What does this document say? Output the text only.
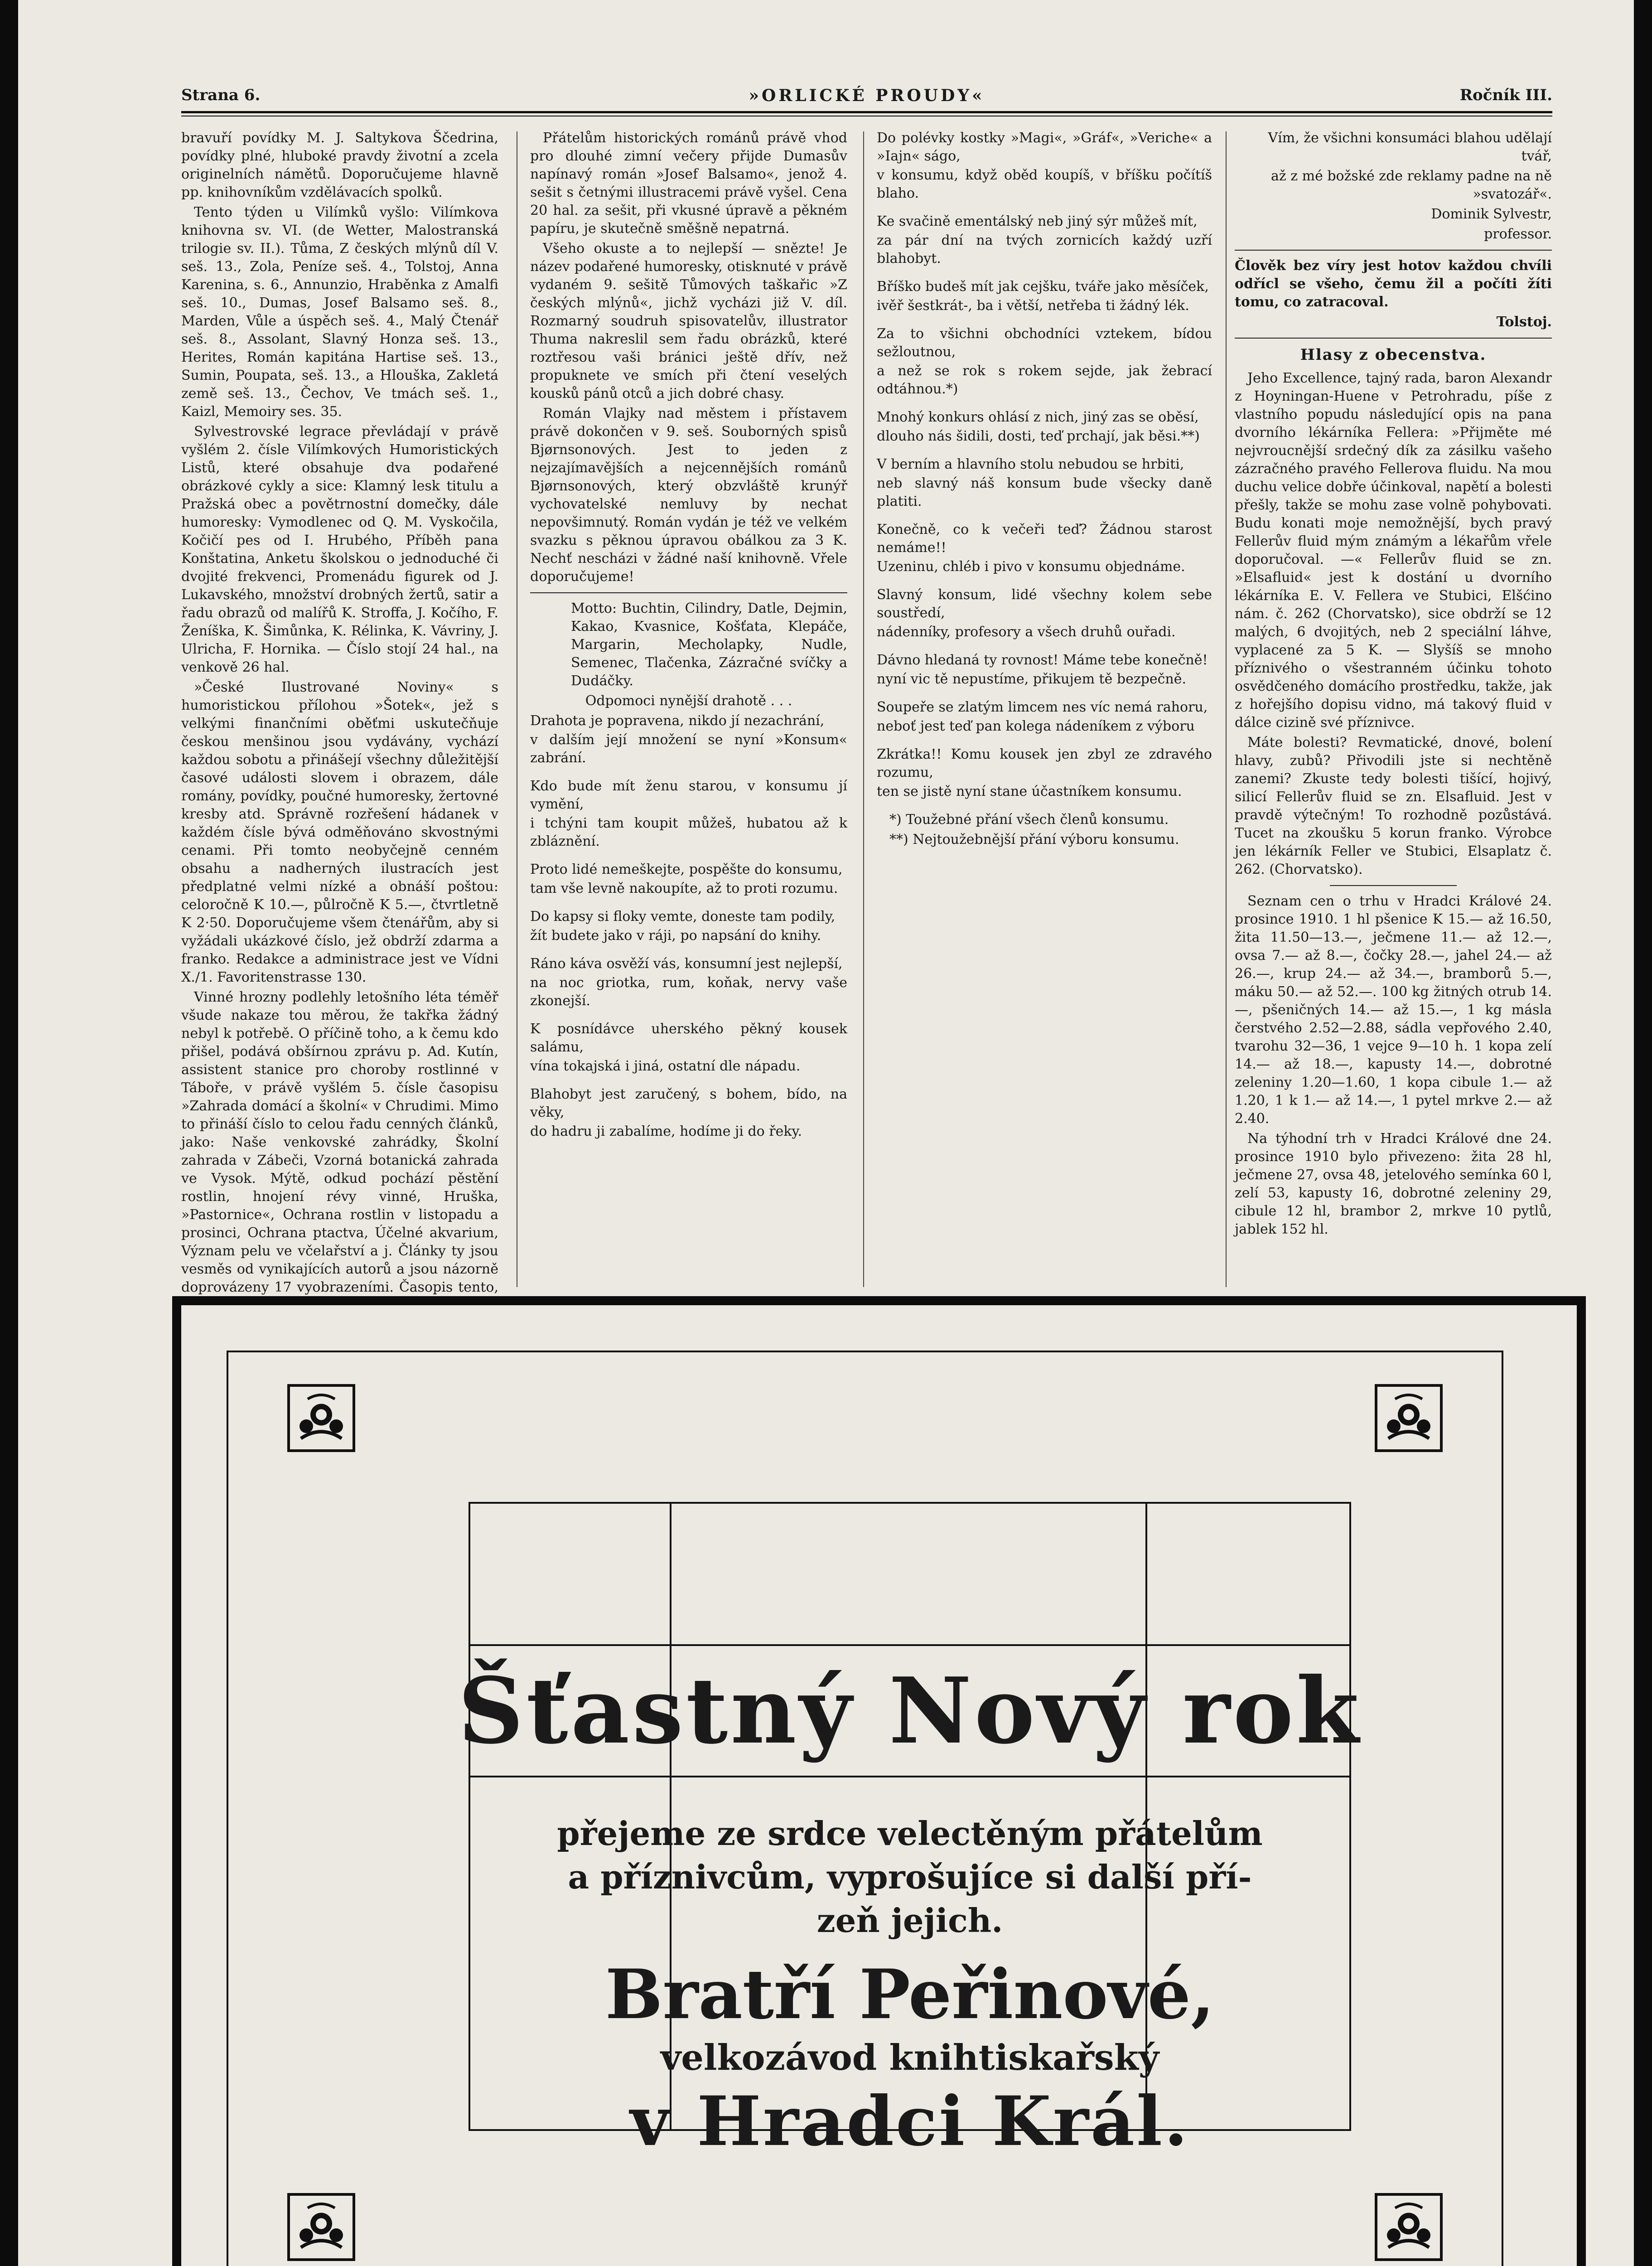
Strana 6.	»ORLICKÉ PROUDY«	Ročník III.

bravuří povídky M. J. Saltykova Ščedrina, povídky plné, hluboké pravdy životní a zcela originelních námětů. Doporučujeme hlavně pp. knihovníkům vzdělávacích spolků.

Tento týden u Vilímků vyšlo: Vilímkova knihovna sv. VI. (de Wetter, Malostranská trilogie sv. II.). Tůma, Z českých mlýnů díl V. seš. 13., Zola, Peníze seš. 4., Tolstoj, Anna Karenina, s. 6., Annunzio, Hraběnka z Amalfi seš. 10., Dumas, Josef Balsamo seš. 8., Marden, Vůle a úspěch seš. 4., Malý Čtenář seš. 8., Assolant, Slavný Honza seš. 13., Herites, Román kapitána Hartise seš. 13., Sumin, Poupata, seš. 13., a Hlouška, Zakletá země seš. 13., Čechov, Ve tmách seš. 1., Kaizl, Memoiry ses. 35.

Sylvestrovské legrace převládají v právě vyšlém 2. čísle Vilímkových Humoristických Listů, které obsahuje dva podařené obrázkové cykly a sice: Klamný lesk titulu a Pražská obec a povětrnostní domečky, dále humoresky: Vymodlenec od Q. M. Vyskočila, Kočičí pes od I. Hrubého, Příběh pana Konštatina, Anketu školskou o jednoduché či dvojité frekvenci, Promenádu figurek od J. Lukavského, množství drobných žertů, satir a řadu obrazů od malířů K. Stroffa, J. Kočího, F. Ženíška, K. Šimůnka, K. Rélinka, K. Vávriny, J. Ulricha, F. Hornika. — Číslo stojí 24 hal., na venkově 26 hal.

»České Ilustrované Noviny« s humoristickou přílohou »Šotek«, jež s velkými finančními oběťmi uskutečňuje českou menšinou jsou vydávány, vychází každou sobotu a přinášejí všechny důležitější časové události slovem i obrazem, dále romány, povídky, poučné humoresky, žertovné kresby atd. Správně rozřešení hádanek v každém čísle bývá odměňováno skvostnými cenami. Při tomto neobyčejně cenném obsahu a nadherných ilustracích jest předplatné velmi nízké a obnáší poštou: celoročně K 10.—, půlročně K 5.—, čtvrtletně K 2·50. Doporučujeme všem čtenářům, aby si vyžádali ukázkové číslo, jež obdrží zdarma a franko. Redakce a administrace jest ve Vídni X./1. Favoritenstrasse 130.

Vinné hrozny podlehly letošního léta téměř všude nakaze tou měrou, že takřka žádný nebyl k potřebě. O příčině toho, a k čemu kdo přišel, podává obšírnou zprávu p. Ad. Kutín, assistent stanice pro choroby rostlinné v Táboře, v právě vyšlém 5. čísle časopisu »Zahrada domácí a školní« v Chrudimi. Mimo to přináší číslo to celou řadu cenných článků, jako: Naše venkovské zahrádky, Školní zahrada v Zábeči, Vzorná botanická zahrada ve Vysok. Mýtě, odkud pochází pěstění rostlin, hnojení révy vinné, Hruška, »Pastornice«, Ochrana rostlin v listopadu a prosinci, Ochrana ptactva, Účelné akvarium, Význam pelu ve včelařství a j. Články ty jsou vesměs od vynikajících autorů a jsou názorně doprovázeny 17 vyobrazeními. Časopis tento,

Přátelům historických románů právě vhod pro dlouhé zimní večery přijde Dumasův napínavý román »Josef Balsamo«, jenož 4. sešit s četnými illustracemi právě vyšel. Cena 20 hal. za sešit, při vkusné úpravě a pěkném papíru, je skutečně směšně nepatrná.

Všeho okuste a to nejlepší — snězte! Je název podařené humoresky, otisknuté v právě vydaném 9. sešitě Tůmových taškařic »Z českých mlýnů«, jichž vycházi již V. díl. Rozmarný soudruh spisovatelův, illustrator Thuma nakreslil sem řadu obrázků, které roztřesou vaši bránici ještě dřív, než propuknete ve smích při čtení veselých kousků pánů otců a jich dobré chasy.

Román Vlajky nad městem i přístavem právě dokončen v 9. seš. Souborných spisů Bjørnsonových. Jest to jeden z nejzajímavějších a nejcennějších románů Bjørnsonových, který obzvláště krunýř vychovatelské nemluvy by nechat nepovšimnutý. Román vydán je též ve velkém svazku s pěknou úpravou obálkou za 3 K. Nechť nescházi v žádné naší knihovně. Vřele doporučujeme!

Motto: Buchtin, Cilindry, Datle, Dejmin, Kakao, Kvasnice, Košťata, Klepáče, Margarin, Mecholapky, Nudle, Semenec, Tlačenka, Zázračné svíčky a Dudáčky.

Odpomoci nynější drahotě . . .

Drahota je popravena, nikdo jí nezachrání,

v dalším její množení se nyní »Konsum« zabrání.

Kdo bude mít ženu starou, v konsumu jí vymění,

i tchýni tam koupit můžeš, hubatou až k zbláznění.

Proto lidé nemeškejte, pospěšte do konsumu,

tam vše levně nakoupíte, až to proti rozumu.

Do kapsy si floky vemte, doneste tam podily,

žít budete jako v ráji, po napsání do knihy.

Ráno káva osvěží vás, konsumní jest nejlepší,

na noc griotka, rum, koňak, nervy vaše zkonejší.

K posnídávce uherského pěkný kousek salámu,

vína tokajská i jiná, ostatní dle nápadu.

Blahobyt jest zaručený, s bohem, bído, na věky,

do hadru ji zabalíme, hodíme ji do řeky.

Do polévky kostky »Magi«, »Gráf«, »Veriche« a »Iajn« ságo,

v konsumu, když oběd koupíš, v bříšku počítíš blaho.

Ke svačině ementálský neb jiný sýr můžeš mít,

za pár dní na tvých zornicích každý uzří blahobyt.

Bříško budeš mít jak cejšku, tváře jako měsíček,

ivěř šestkrát-, ba i větší, netřeba ti žádný lék.

Za to všichni obchodníci vztekem, bídou sežloutnou,

a než se rok s rokem sejde, jak žebrací odtáhnou.*)

Mnohý konkurs ohlásí z nich, jiný zas se oběsí,

dlouho nás šidili, dosti, teď prchají, jak běsi.**)

V berním a hlavního stolu nebudou se hrbiti,

neb slavný náš konsum bude všecky daně platiti.

Konečně, co k večeři teď? Žádnou starost nemáme!!

Uzeninu, chléb i pivo v konsumu objednáme.

Slavný konsum, lidé všechny kolem sebe soustředí,

nádenníky, profesory a všech druhů ouřadi.

Dávno hledaná ty rovnost! Máme tebe konečně!

nyní vic tě nepustíme, přikujem tě bezpečně.

Soupeře se zlatým limcem nes víc nemá rahoru,

neboť jest teď pan kolega nádeníkem z výboru

Zkrátka!! Komu kousek jen zbyl ze zdravého rozumu,

ten se jistě nyní stane účastníkem konsumu.

*) Toužebné přání všech členů konsumu.

**) Nejtoužebnější přání výboru konsumu.

Vím, že všichni konsumáci blahou udělají tvář,

až z mé božské zde reklamy padne na ně »svatozář«.

Dominik Sylvestr,

professor.

Člověk bez víry jest hotov každou chvíli odřícl se všeho, čemu žil a počíti žíti tomu, co zatracoval.

Tolstoj.

Hlasy z obecenstva.

Jeho Excellence, tajný rada, baron Alexandr z Hoyningan-Huene v Petrohradu, píše z vlastního popudu následující opis na pana dvorního lékárníka Fellera: »Přijměte mé nejvroucnější srdečný dík za zásilku vašeho zázračného pravého Fellerova fluidu. Na mou duchu velice dobře účinkoval, napětí a bolesti přešly, takže se mohu zase volně pohybovati. Budu konati moje nemožnější, bych pravý Fellerův fluid mým známým a lékařům vřele doporučoval. —« Fellerův fluid se zn. »Elsafluid« jest k dostání u dvorního lékárníka E. V. Fellera ve Stubici, Elšćino nám. č. 262 (Chorvatsko), sice obdrží se 12 malých, 6 dvojitých, neb 2 speciální láhve, vyplacené za 5 K. — Slyšíš se mnoho příznivého o všestranném účinku tohoto osvědčeného domácího prostředku, takže, jak z hořejšího dopisu vidno, má takový fluid v dálce cizině své příznivce.

Máte bolesti? Revmatické, dnové, bolení hlavy, zubů? Přivodili jste si nechtěně zanemi? Zkuste tedy bolesti tišící, hojivý, silicí Fellerův fluid se zn. Elsafluid. Jest v pravdě výtečným! To rozhodně pozůstává. Tucet na zkoušku 5 korun franko. Výrobce jen lékárník Feller ve Stubici, Elsaplatz č. 262. (Chorvatsko).

Seznam cen o trhu v Hradci Králové 24. prosince 1910. 1 hl pšenice K 15.— až 16.50, žita 11.50—13.—, ječmene 11.— až 12.—, ovsa 7.— až 8.—, čočky 28.—, jahel 24.— až 26.—, krup 24.— až 34.—, bramborů 5.—, máku 50.— až 52.—. 100 kg žitných otrub 14.—, pšeničných 14.— až 15.—, 1 kg másla čerstvého 2.52—2.88, sádla vepřového 2.40, tvarohu 32—36, 1 vejce 9—10 h. 1 kopa zelí 14.— až 18.—, kapusty 14.—, dobrotné zeleniny 1.20—1.60, 1 kopa cibule 1.— až 1.20, 1 k 1.— až 14.—, 1 pytel mrkve 2.— až 2.40.

Na týhodní trh v Hradci Králové dne 24. prosince 1910 bylo přivezeno: žita 28 hl, ječmene 27, ovsa 48, jetelového semínka 60 l, zelí 53, kapusty 16, dobrotné zeleniny 29, cibule 12 hl, brambor 2, mrkve 10 pytlů, jablek 152 hl.

Šťastný Nový rok
přejeme ze srdce velectěným přátelům
a příznivcům, vyprošujíce si další pří-
zeň jejich.
Bratří Peřinové,
velkozávod knihtiskařský
v Hradci Král.
